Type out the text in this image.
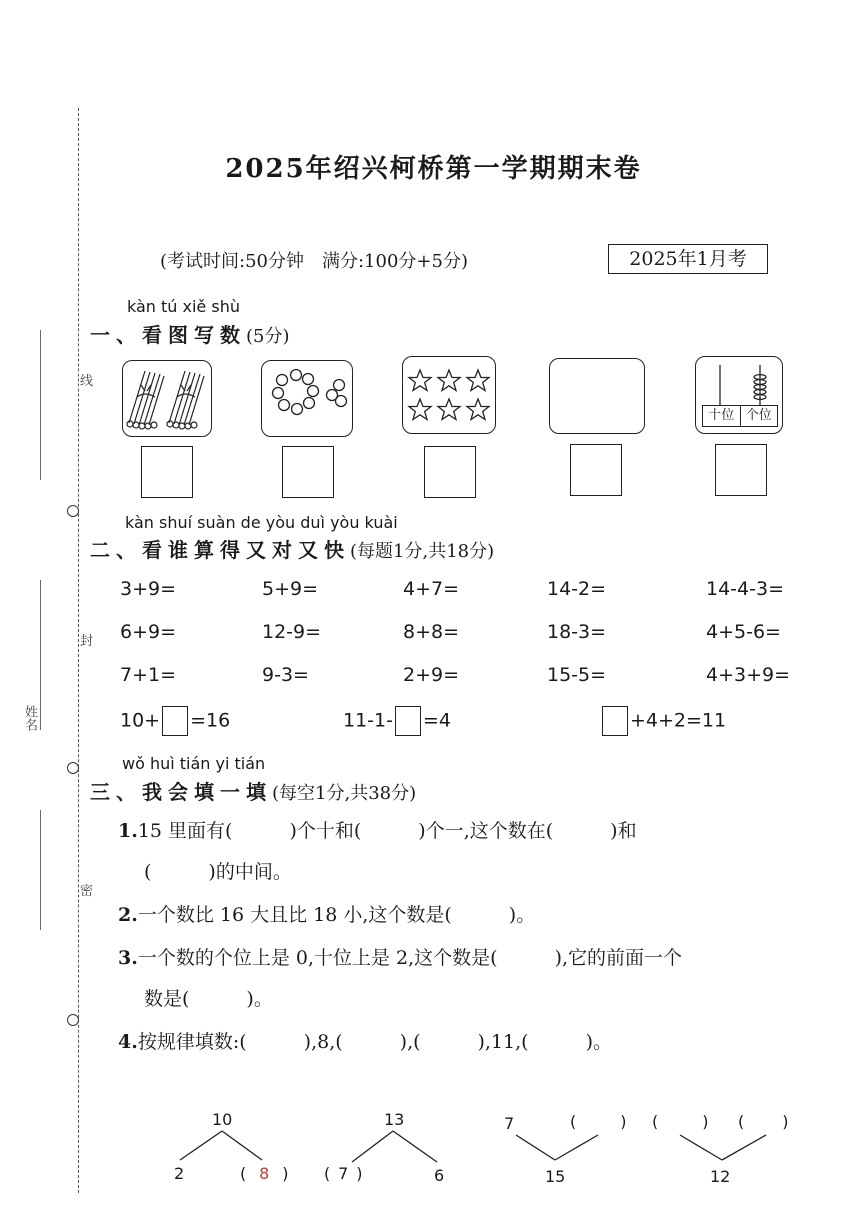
线
封
密
姓名
2025年绍兴柯桥第一学期期末卷
(考试时间:50分钟　满分:100分+5分)	2025年1月考
kàn tú xiě shù
一、看图写数(5分)
十位 个位
kàn shuí suàn de yòu duì yòu kuài
二、看谁算得又对又快(每题1分,共18分)
3+9=	5+9=	4+7=	14-2=	14-4-3=
6+9=	12-9=	8+8=	18-3=	4+5-6=
7+1=	9-3=	2+9=	15-5=	4+3+9=
10+ =16	11-1- =4	+4+2=11
wǒ huì tián yi tián
三、我会填一填(每空1分,共38分)
1.15 里面有(　　　)个十和(　　　)个一,这个数在(　　　)和
(　　　)的中间。
2.一个数比 16 大且比 18 小,这个数是(　　　)。
3.一个数的个位上是 0,十位上是 2,这个数是(　　　),它的前面一个
数是(　　　)。
4.按规律填数:(　　　),8,(　　　),(　　　),11,(　　　)。
10
2	( 8 )
13
( 7 )	6
7	(	)
15
(	) ( )
12
